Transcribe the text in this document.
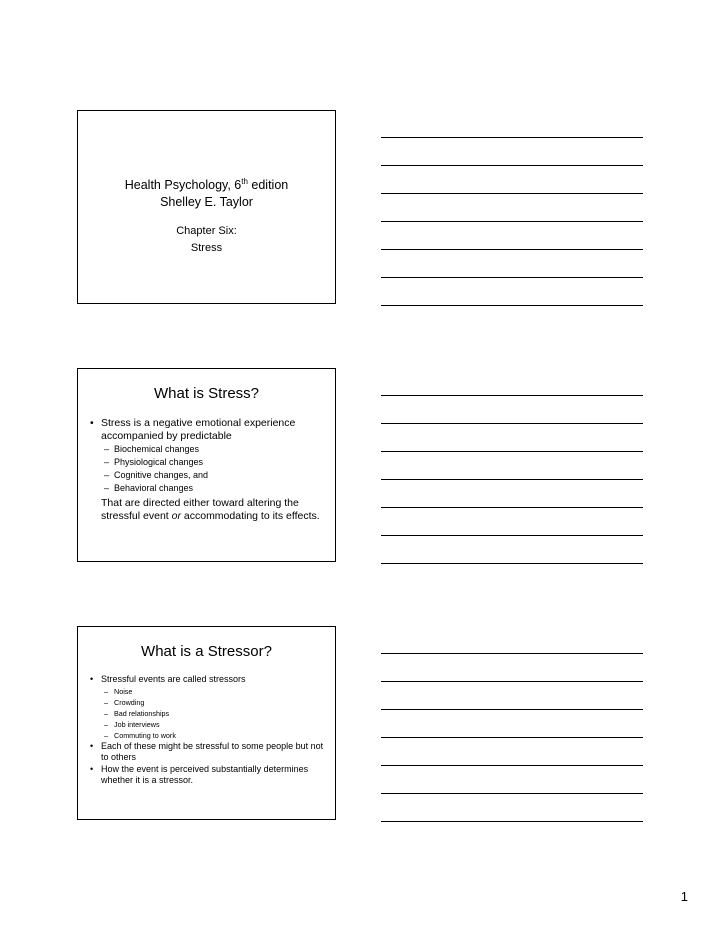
Health Psychology, 6th edition
Shelley E. Taylor
Chapter Six:
Stress
What is Stress?
• Stress is a negative emotional experience accompanied by predictable
– Biochemical changes
– Physiological changes
– Cognitive changes, and
– Behavioral changes
That are directed either toward altering the stressful event or accommodating to its effects.
What is a Stressor?
• Stressful events are called stressors
– Noise
– Crowding
– Bad relationships
– Job interviews
– Commuting to work
• Each of these might be stressful to some people but not to others
• How the event is perceived substantially determines whether it is a stressor.
1
